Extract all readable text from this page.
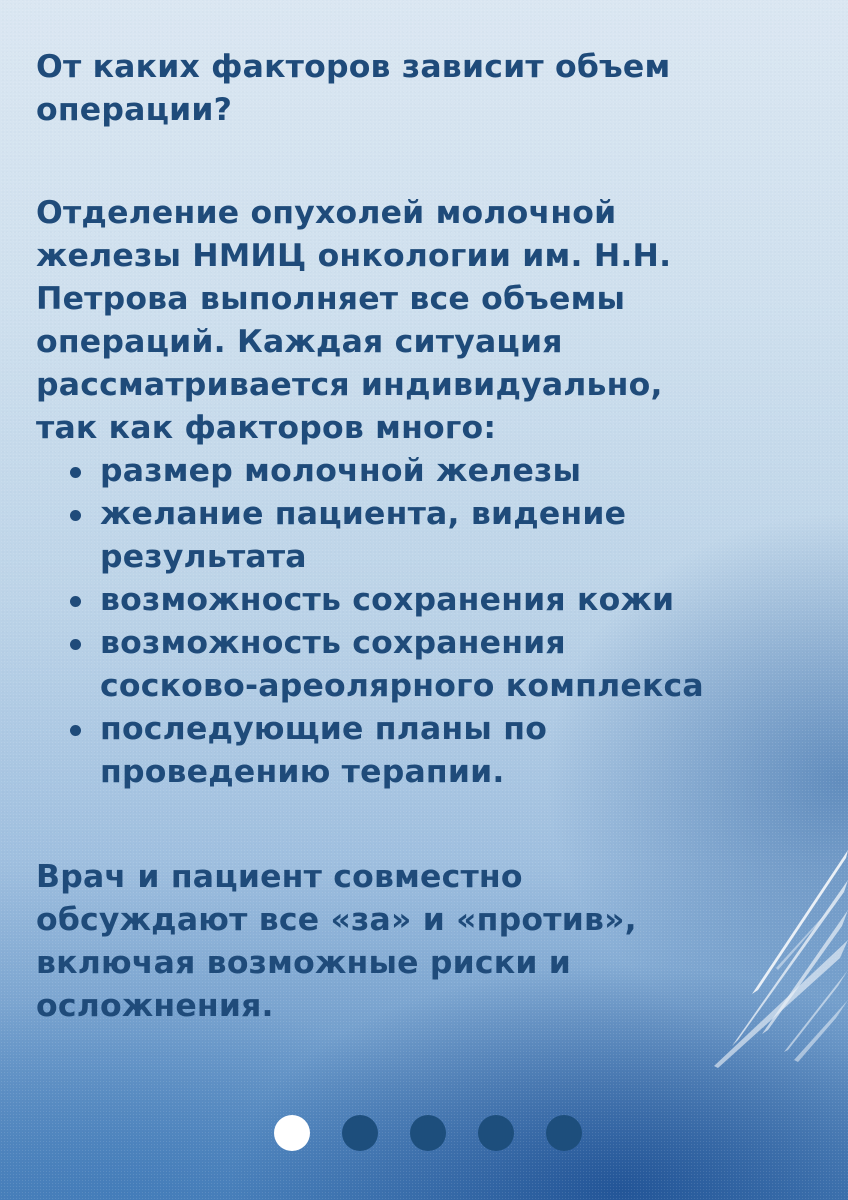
От каких факторов зависит объем
операции?
Отделение опухолей молочной
железы НМИЦ онкологии им. Н.Н.
Петрова выполняет все объемы
операций. Каждая ситуация
рассматривается индивидуально,
так как факторов много:
размер молочной железы
желание пациента, видение
результата
возможность сохранения кожи
возможность сохранения
сосково-ареолярного комплекса
последующие планы по
проведению терапии.
Врач и пациент совместно
обсуждают все «за» и «против»,
включая возможные риски и
осложнения.
